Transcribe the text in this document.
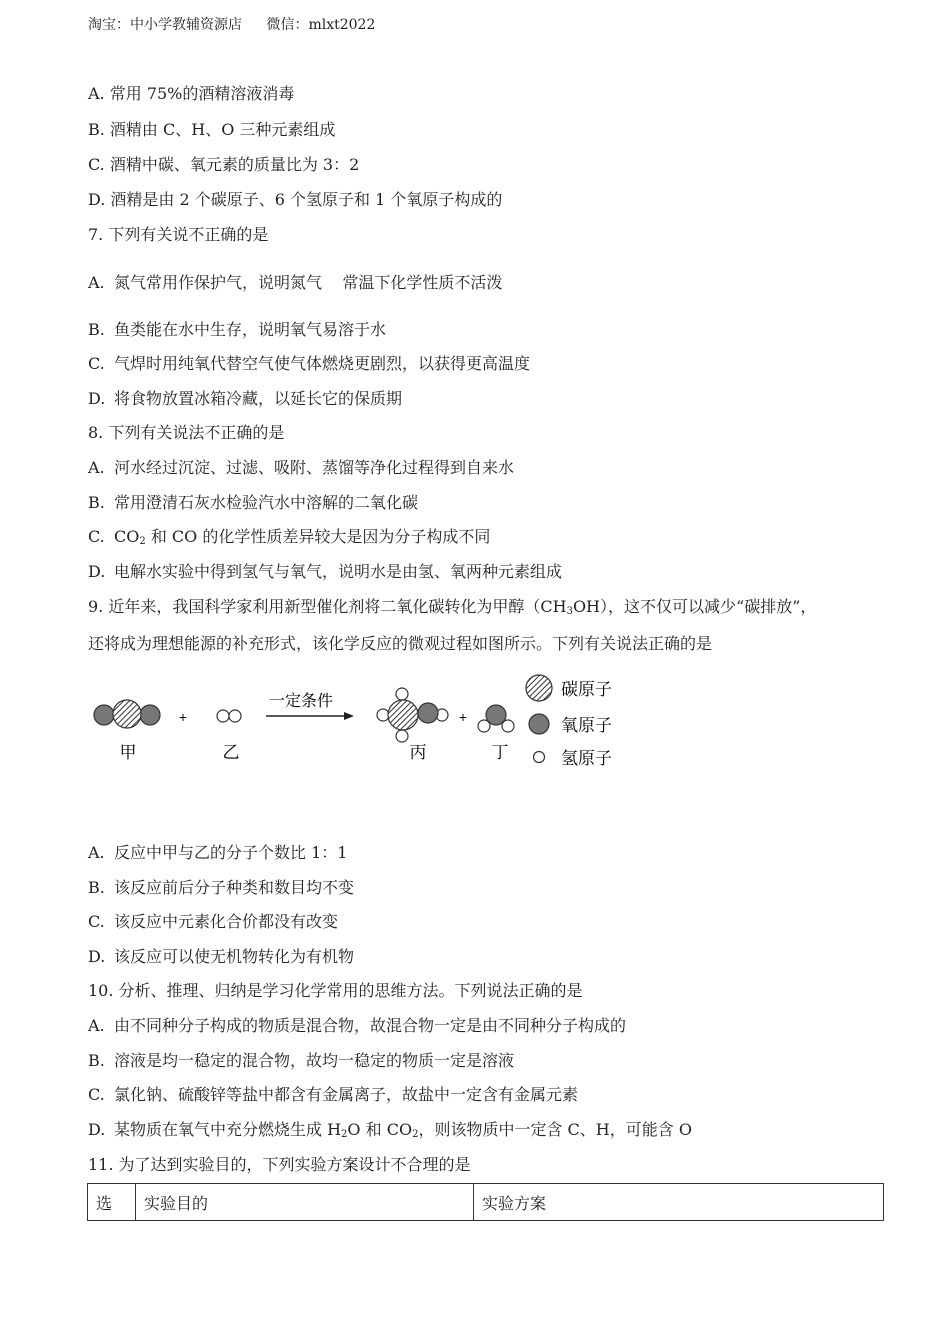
淘宝：中小学教辅资源店 微信：mlxt2022
A. 常用 75%的酒精溶液消毒
B. 酒精由 C、H、O 三种元素组成
C. 酒精中碳、氧元素的质量比为 3：2
D. 酒精是由 2 个碳原子、6 个氢原子和 1 个氧原子构成的
7. 下列有关说不正确的是
A. 氮气常用作保护气，说明氮气    常温下化学性质不活泼
B. 鱼类能在水中生存，说明氧气易溶于水
C. 气焊时用纯氧代替空气使气体燃烧更剧烈，以获得更高温度
D. 将食物放置冰箱冷藏，以延长它的保质期
8. 下列有关说法不正确的是
A. 河水经过沉淀、过滤、吸附、蒸馏等净化过程得到自来水
B. 常用澄清石灰水检验汽水中溶解的二氧化碳
C. $CO_2$ 和 CO 的化学性质差异较大是因为分子构成不同
D. 电解水实验中得到氢气与氧气，说明水是由氢、氧两种元素组成
9. 近年来，我国科学家利用新型催化剂将二氧化碳转化为甲醇$(CH_3OH)$，这不仅可以减少“碳排放”，
还将成为理想能源的补充形式，该化学反应的微观过程如图所示。下列有关说法正确的是
甲
+
乙
一定条件
丙
+
丁
碳原子
氧原子
氢原子
A. 反应中甲与乙的分子个数比 1：1
B. 该反应前后分子种类和数目均不变
C. 该反应中元素化合价都没有改变
D. 该反应可以使无机物转化为有机物
10. 分析、推理、归纳是学习化学常用的思维方法。下列说法正确的是
A. 由不同种分子构成的物质是混合物，故混合物一定是由不同种分子构成的
B. 溶液是均一稳定的混合物，故均一稳定的物质一定是溶液
C. 氯化钠、硫酸锌等盐中都含有金属离子，故盐中一定含有金属元素
D. 某物质在氧气中充分燃烧生成 $H_2O$ 和 $CO_2$，则该物质中一定含 C、H，可能含 O
11. 为了达到实验目的，下列实验方案设计不合理的是
选	实验目的	实验方案
